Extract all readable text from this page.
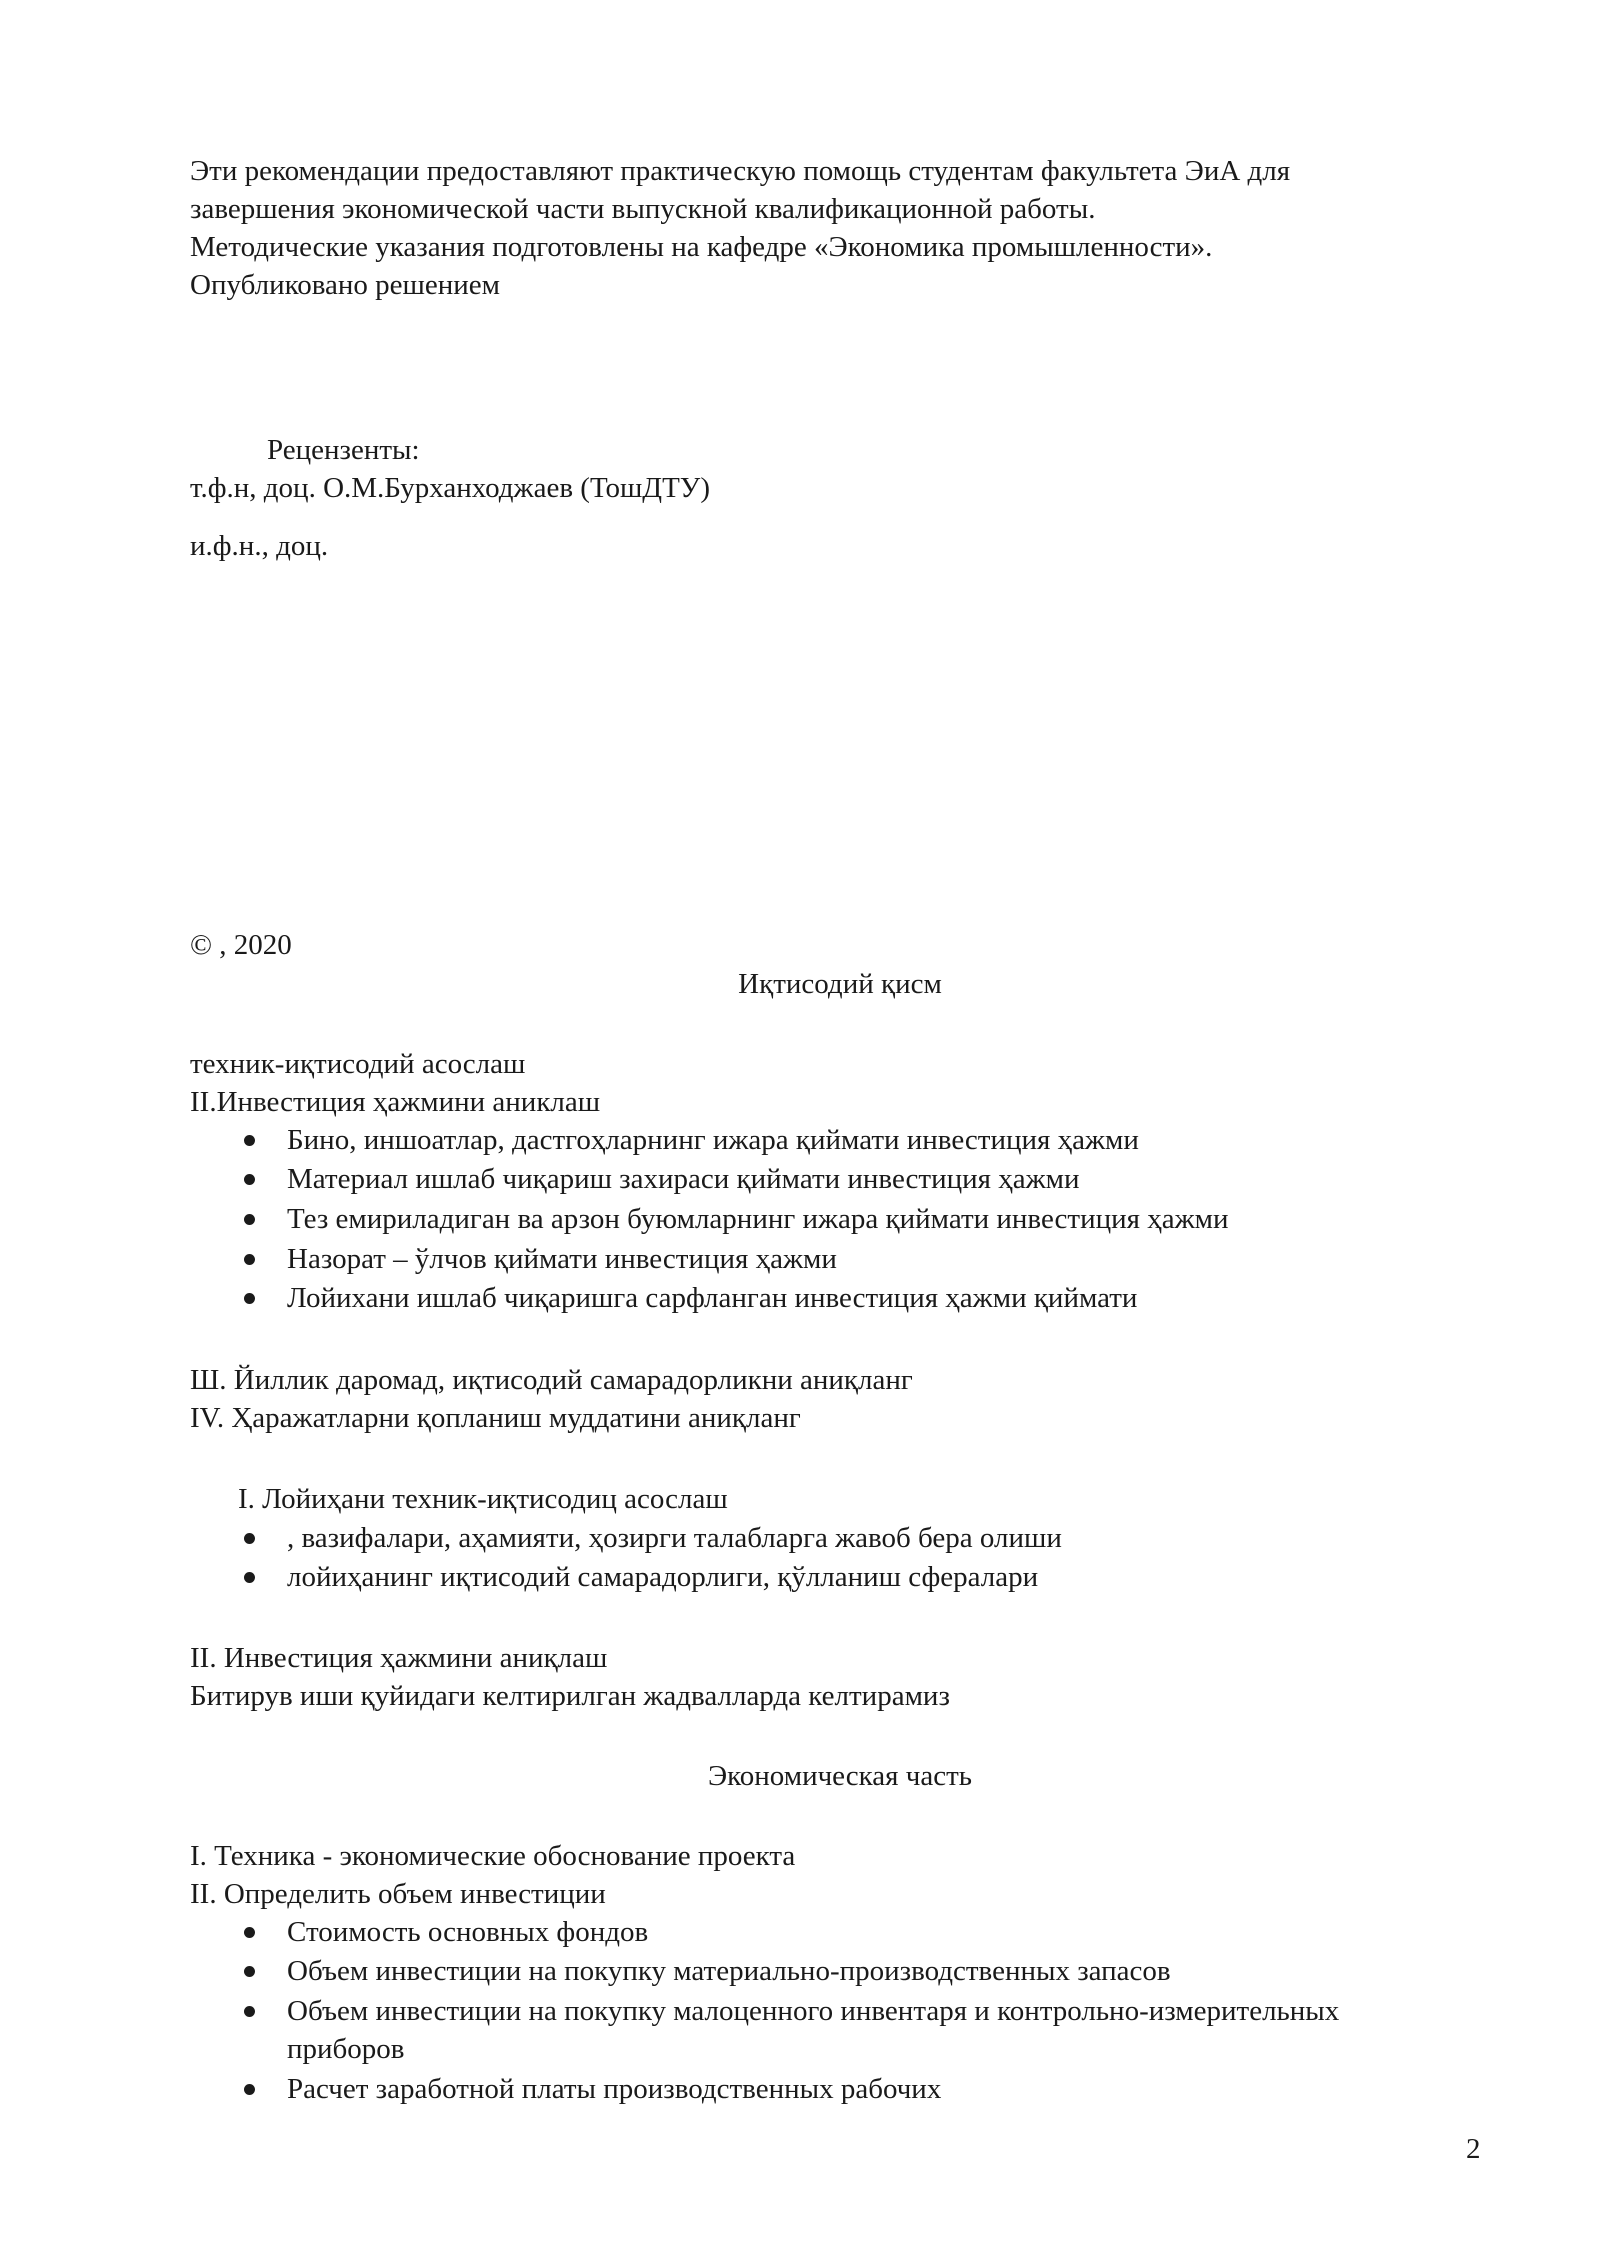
Эти рекомендации предоставляют практическую помощь студентам факультета ЭиА для
завершения экономической части выпускной квалификационной работы.
Методические указания подготовлены на кафедре «Экономика промышленности».
Опубликовано решением
Рецензенты:
т.ф.н, доц. О.М.Бурханходжаев (ТошДТУ)
и.ф.н., доц.
© , 2020
Иқтисодий қисм
техник-иқтисодий асослаш
II.Инвестиция ҳажмини аниклаш
Бино, иншоатлар, дастгоҳларнинг ижара қиймати инвестиция ҳажми
Материал ишлаб чиқариш захираси қиймати инвестиция ҳажми
Тез емириладиган ва арзон буюмларнинг ижара қиймати инвестиция ҳажми
Назорат – ўлчов қиймати инвестиция ҳажми
Лойихани ишлаб чиқаришга сарфланган инвестиция ҳажми қиймати
Ш. Йиллик даромад, иқтисодий самарадорликни аниқланг
IV. Ҳаражатларни қопланиш муддатини аниқланг
I. Лойиҳани техник-иқтисодиц асослаш
, вазифалари, аҳамияти, ҳозирги талабларга жавоб бера олиши
лойиҳанинг иқтисодий самарадорлиги, қўлланиш сфералари
II. Инвестиция ҳажмини аниқлаш
Битирув иши қуйидаги келтирилган жадвалларда келтирамиз
Экономическая часть
I. Техника - экономические обоснование проекта
II. Определить объем инвестиции
Стоимость основных фондов
Объем инвестиции на покупку материально-производственных запасов
Объем инвестиции на покупку малоценного инвентаря и контрольно-измерительных
приборов
Расчет заработной платы производственных рабочих
2
